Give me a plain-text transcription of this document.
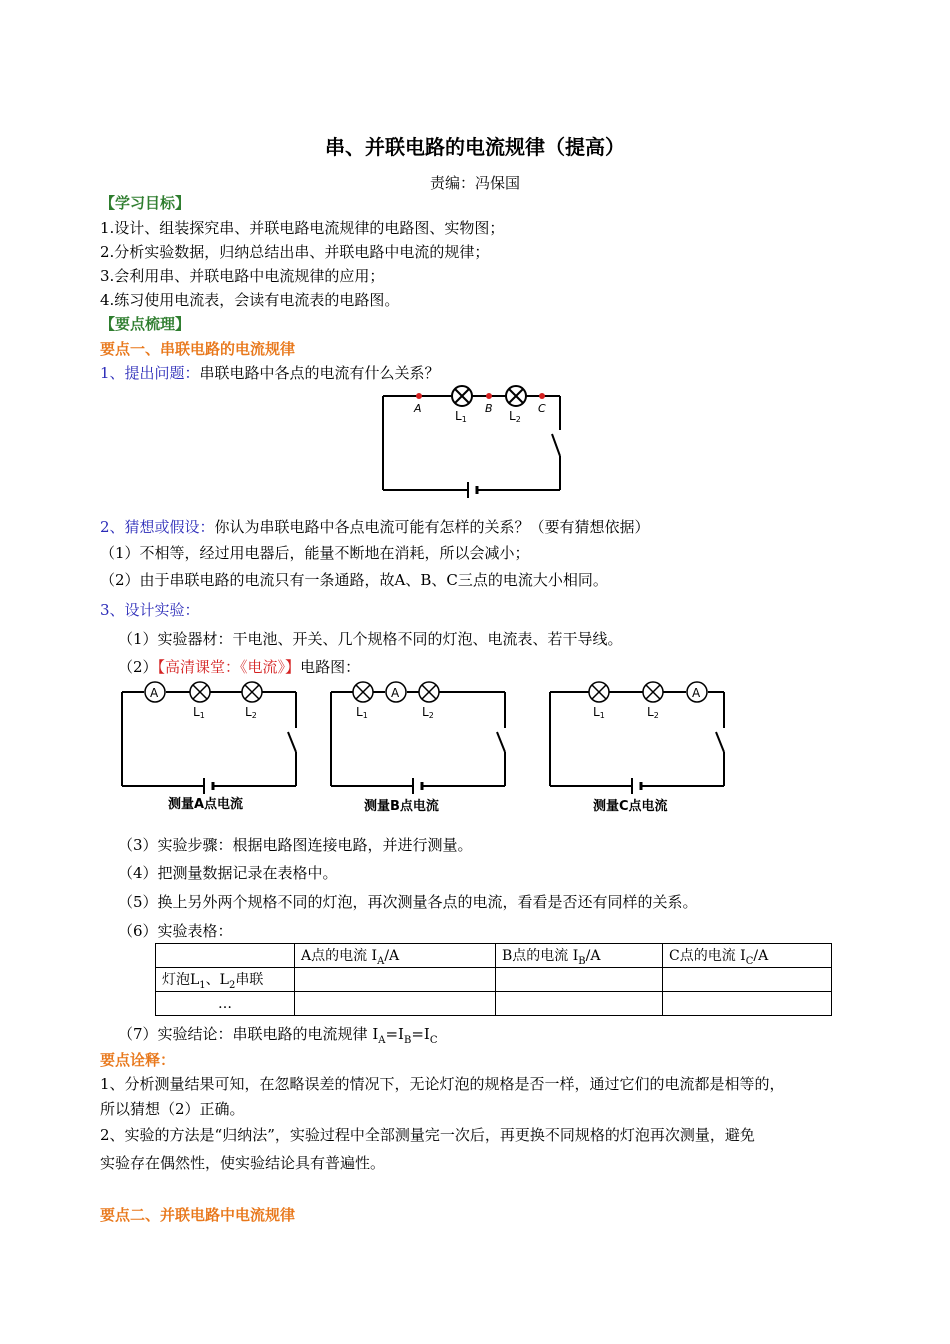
串、并联电路的电流规律（提高）
责编：冯保国
【学习目标】
1.设计、组装探究串、并联电路电流规律的电路图、实物图；
2.分析实验数据，归纳总结出串、并联电路中电流的规律；
3.会利用串、并联电路中电流规律的应用；
4.练习使用电流表，会读有电流表的电路图。
【要点梳理】
要点一、串联电路的电流规律
1、提出问题：串联电路中各点的电流有什么关系？
A	B	C
L1	L2
2、猜想或假设：你认为串联电路中各点电流可能有怎样的关系？（要有猜想依据）
（1）不相等，经过用电器后，能量不断地在消耗，所以会减小；
（2）由于串联电路的电流只有一条通路，故A、B、C三点的电流大小相同。
3、设计实验：
（1）实验器材：干电池、开关、几个规格不同的灯泡、电流表、若干导线。
（2）【高清课堂：《电流》】电路图：
A
L1	L2
测量A点电流
A
L1	L2
测量B点电流
A
L1	L2
测量C点电流
（3）实验步骤：根据电路图连接电路，并进行测量。
（4）把测量数据记录在表格中。
（5）换上另外两个规格不同的灯泡，再次测量各点的电流，看看是否还有同样的关系。
（6）实验表格：
	A点的电流 $I_A/A$	B点的电流 $I_B/A$	C点的电流 $I_C/A$
灯泡$L_1$、$L_2$串联			
…			
（7）实验结论：串联电路的电流规律 $I_A=I_B=I_C$
要点诠释：
1、分析测量结果可知，在忽略误差的情况下，无论灯泡的规格是否一样，通过它们的电流都是相等的，
所以猜想（2）正确。
2、实验的方法是“归纳法”，实验过程中全部测量完一次后，再更换不同规格的灯泡再次测量，避免
实验存在偶然性，使实验结论具有普遍性。
要点二、并联电路中电流规律
